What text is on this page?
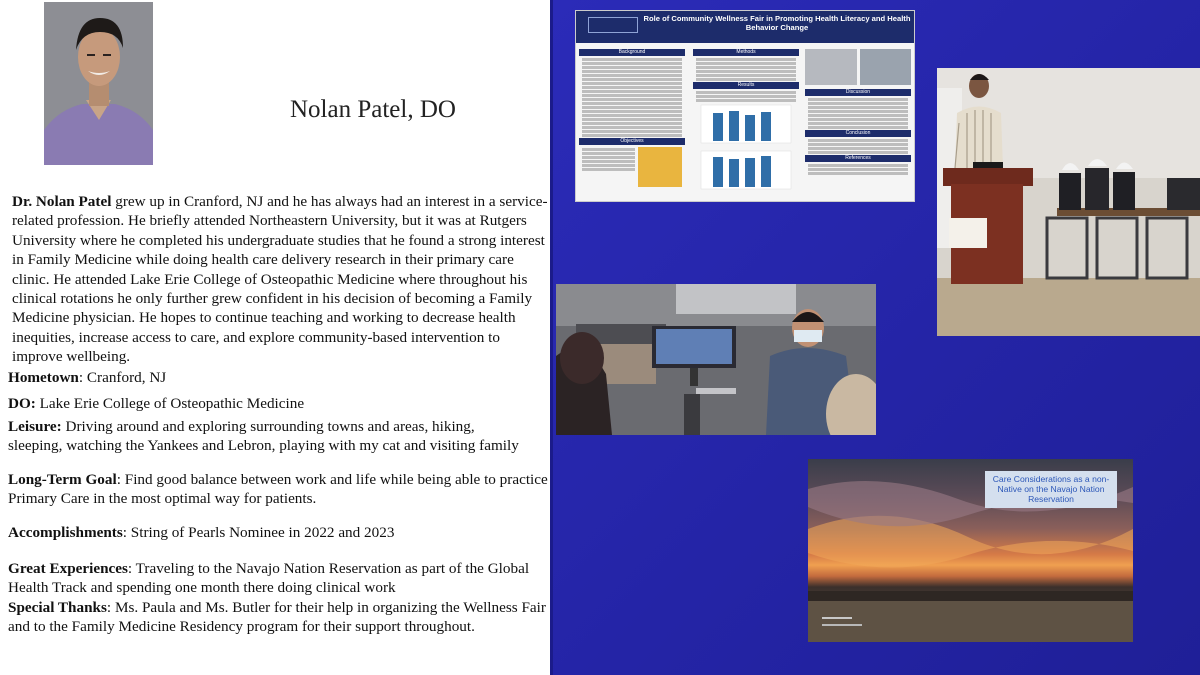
Nolan Patel, DO

Dr. Nolan Patel grew up in Cranford, NJ and he has always had an interest in a service-related profession. He briefly attended Northeastern University, but it was at Rutgers University where he completed his undergraduate studies that he found a strong interest in Family Medicine while doing health care delivery research in their primary care clinic. He attended Lake Erie College of Osteopathic Medicine where throughout his clinical rotations he only further grew confident in his decision of becoming a Family Medicine physician. He hopes to continue teaching and working to decrease health inequities, increase access to care, and explore community-based intervention to improve wellbeing.

Hometown: Cranford, NJ
DO: Lake Erie College of Osteopathic Medicine
Leisure: Driving around and exploring surrounding towns and areas, hiking, sleeping, watching the Yankees and Lebron, playing with my cat and visiting family
Long-Term Goal: Find good balance between work and life while being able to practice Primary Care in the most optimal way for patients.
Accomplishments: String of Pearls Nominee in 2022 and 2023
Great Experiences: Traveling to the Navajo Nation Reservation as part of the Global Health Track and spending one month there doing clinical work
Special Thanks: Ms. Paula and Ms. Butler for their help in organizing the Wellness Fair and to the Family Medicine Residency program for their support throughout.
Role of Community Wellness Fair in Promoting Health Literacy and Health Behavior Change
Background
Objectives
Methods
Results
Discussion
Conclusion
References
Care Considerations as a non-Native on the Navajo Nation Reservation
